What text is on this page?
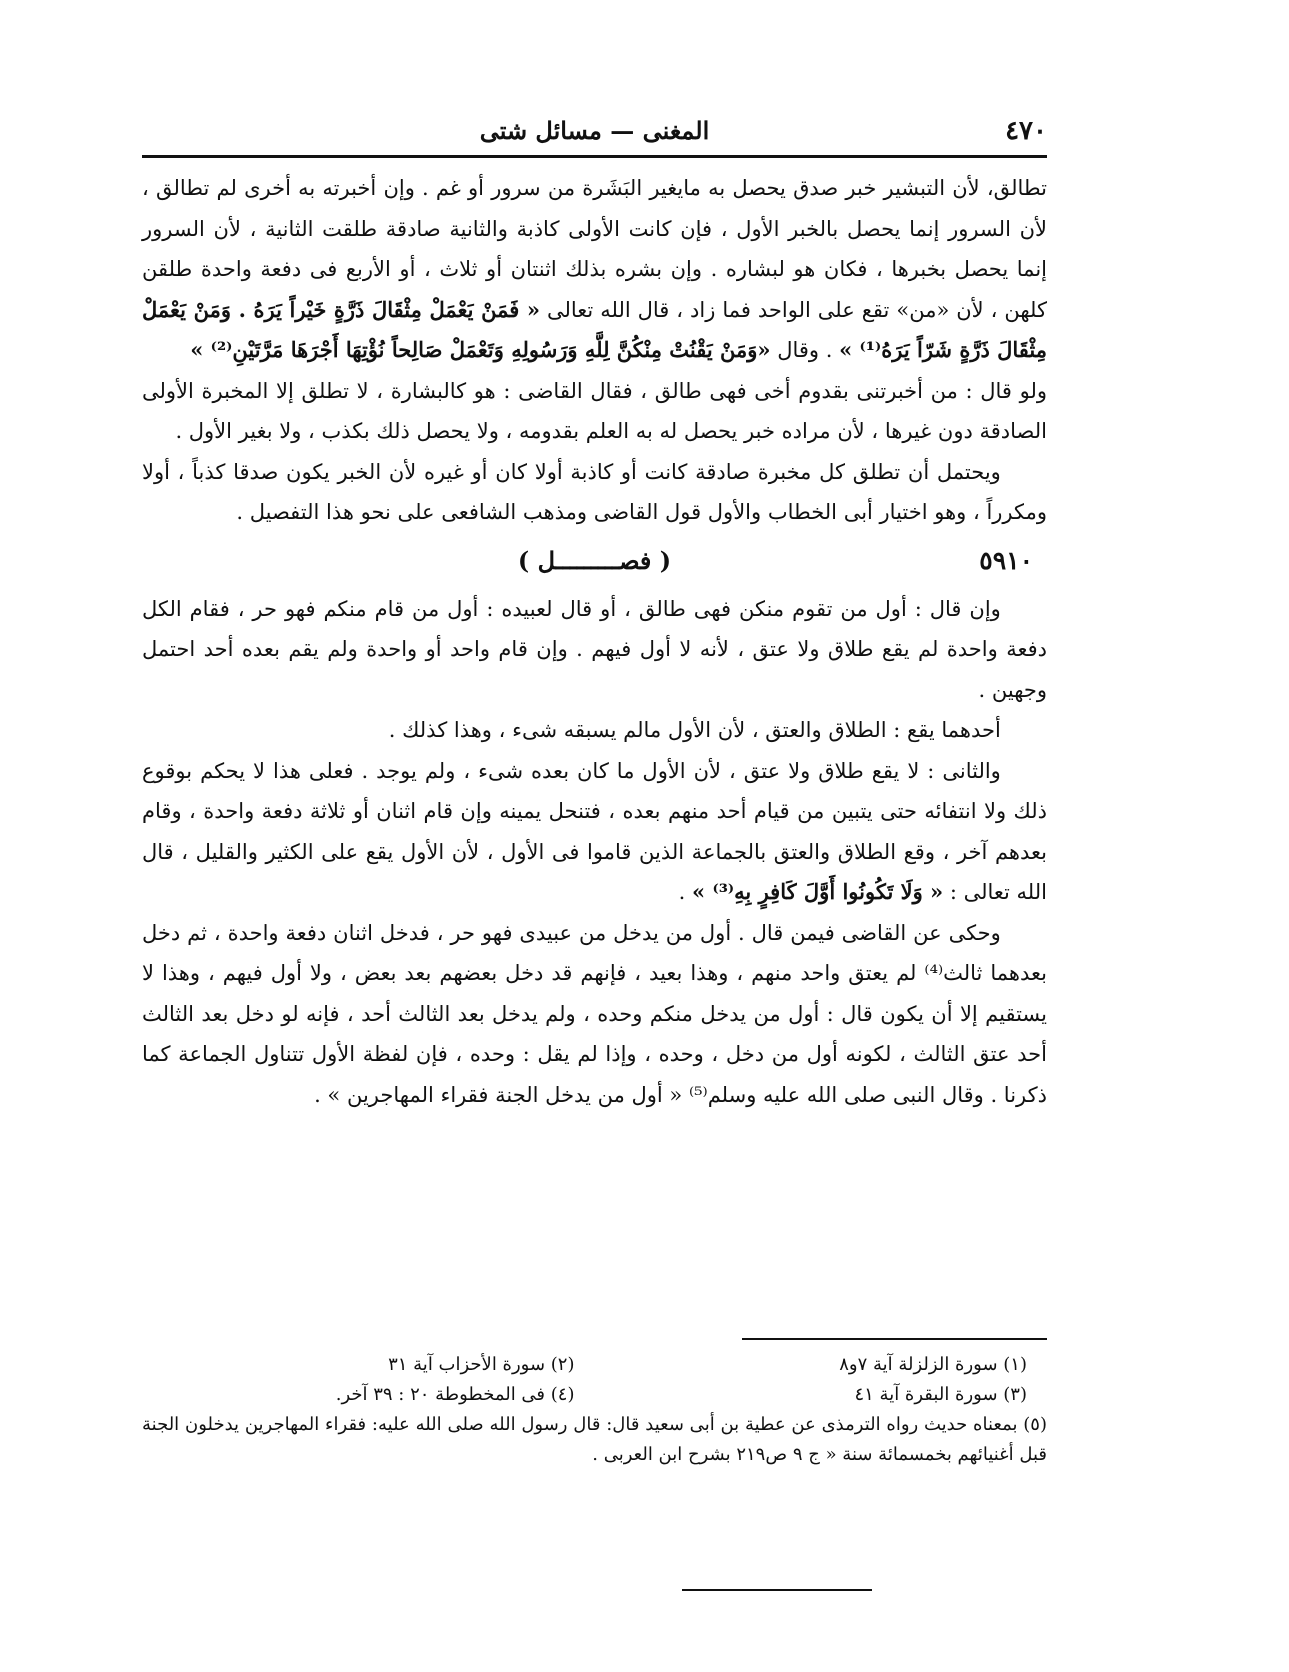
٤٧٠
المغنى — مسائل شتى

تطالق، لأن التبشير خبر صدق يحصل به مايغير البَشَرة من سرور أو غم . وإن أخبرته به أخرى لم تطالق ، لأن السرور إنما يحصل بالخبر الأول ، فإن كانت الأولى كاذبة والثانية صادقة طلقت الثانية ، لأن السرور إنما يحصل بخبرها ، فكان هو لبشاره . وإن بشره بذلك اثنتان أو ثلاث ، أو الأربع فى دفعة واحدة طلقن كلهن ، لأن «من» تقع على الواحد فما زاد ، قال الله تعالى « فَمَنْ يَعْمَلْ مِثْقَالَ ذَرَّةٍ خَيْراً يَرَهُ . وَمَنْ يَعْمَلْ مِثْقَالَ ذَرَّةٍ شَرّاً يَرَهُ⁽¹⁾ » . وقال «وَمَنْ يَقْنُتْ مِنْكُنَّ لِلَّهِ وَرَسُولِهِ وَتَعْمَلْ صَالِحاً نُؤْتِهَا أَجْرَهَا مَرَّتَيْنِ⁽²⁾ »

ولو قال : من أخبرتنى بقدوم أخى فهى طالق ، فقال القاضى : هو كالبشارة ، لا تطلق إلا المخبرة الأولى الصادقة دون غيرها ، لأن مراده خبر يحصل له به العلم بقدومه ، ولا يحصل ذلك بكذب ، ولا بغير الأول .

ويحتمل أن تطلق كل مخبرة صادقة كانت أو كاذبة أولا كان أو غيره لأن الخبر يكون صدقا كذباً ، أولا ومكرراً ، وهو اختيار أبى الخطاب والأول قول القاضى ومذهب الشافعى على نحو هذا التفصيل .

٥٩١٠
( فصـــــــــل )

وإن قال : أول من تقوم منكن فهى طالق ، أو قال لعبيده : أول من قام منكم فهو حر ، فقام الكل دفعة واحدة لم يقع طلاق ولا عتق ، لأنه لا أول فيهم . وإن قام واحد أو واحدة ولم يقم بعده أحد احتمل وجهين .

أحدهما يقع : الطلاق والعتق ، لأن الأول مالم يسبقه شىء ، وهذا كذلك .

والثانى : لا يقع طلاق ولا عتق ، لأن الأول ما كان بعده شىء ، ولم يوجد . فعلى هذا لا يحكم بوقوع ذلك ولا انتفائه حتى يتبين من قيام أحد منهم بعده ، فتنحل يمينه وإن قام اثنان أو ثلاثة دفعة واحدة ، وقام بعدهم آخر ، وقع الطلاق والعتق بالجماعة الذين قاموا فى الأول ، لأن الأول يقع على الكثير والقليل ، قال الله تعالى : « وَلَا تَكُونُوا أَوَّلَ كَافِرٍ بِهِ⁽³⁾ » .

وحكى عن القاضى فيمن قال . أول من يدخل من عبيدى فهو حر ، فدخل اثنان دفعة واحدة ، ثم دخل بعدهما ثالث⁽⁴⁾ لم يعتق واحد منهم ، وهذا بعيد ، فإنهم قد دخل بعضهم بعد بعض ، ولا أول فيهم ، وهذا لا يستقيم إلا أن يكون قال : أول من يدخل منكم وحده ، ولم يدخل بعد الثالث أحد ، فإنه لو دخل بعد الثالث أحد عتق الثالث ، لكونه أول من دخل ، وحده ، وإذا لم يقل : وحده ، فإن لفظة الأول تتناول الجماعة كما ذكرنا . وقال النبى صلى الله عليه وسلم⁽⁵⁾ « أول من يدخل الجنة فقراء المهاجرين » .

(١) سورة الزلزلة آية ٧و٨
(٢) سورة الأحزاب آية ٣١
(٣) سورة البقرة آية ٤١
(٤) فى المخطوطة ٢٠ : ٣٩ آخر.
(٥) بمعناه حديث رواه الترمذى عن عطية بن أبى سعيد قال: قال رسول الله صلى الله عليه: فقراء المهاجرين يدخلون الجنة قبل أغنيائهم بخمسمائة سنة « ج ٩ ص٢١٩ بشرح ابن العربى .
